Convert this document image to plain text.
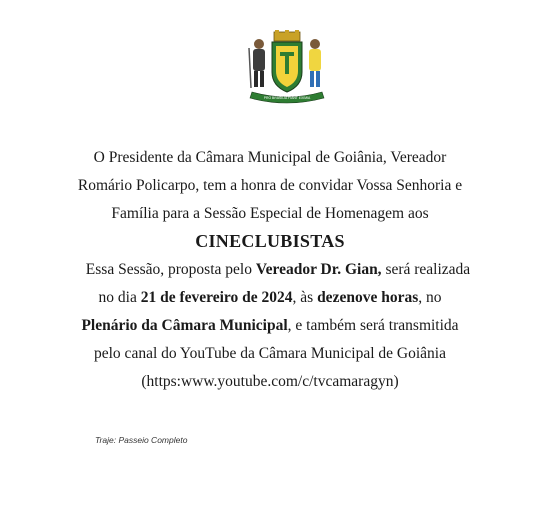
PRO BRASILIA FIANT EXIMIA
O Presidente da Câmara Municipal de Goiânia, Vereador
Romário Policarpo, tem a honra de convidar Vossa Senhoria e
Família para a Sessão Especial de Homenagem aos
CINECLUBISTAS
Essa Sessão, proposta pelo Vereador Dr. Gian, será realizada
no dia 21 de fevereiro de 2024, às dezenove horas, no
Plenário da Câmara Municipal, e também será transmitida
pelo canal do YouTube da Câmara Municipal de Goiânia
(https:www.youtube.com/c/tvcamaragyn)
Traje: Passeio Completo
